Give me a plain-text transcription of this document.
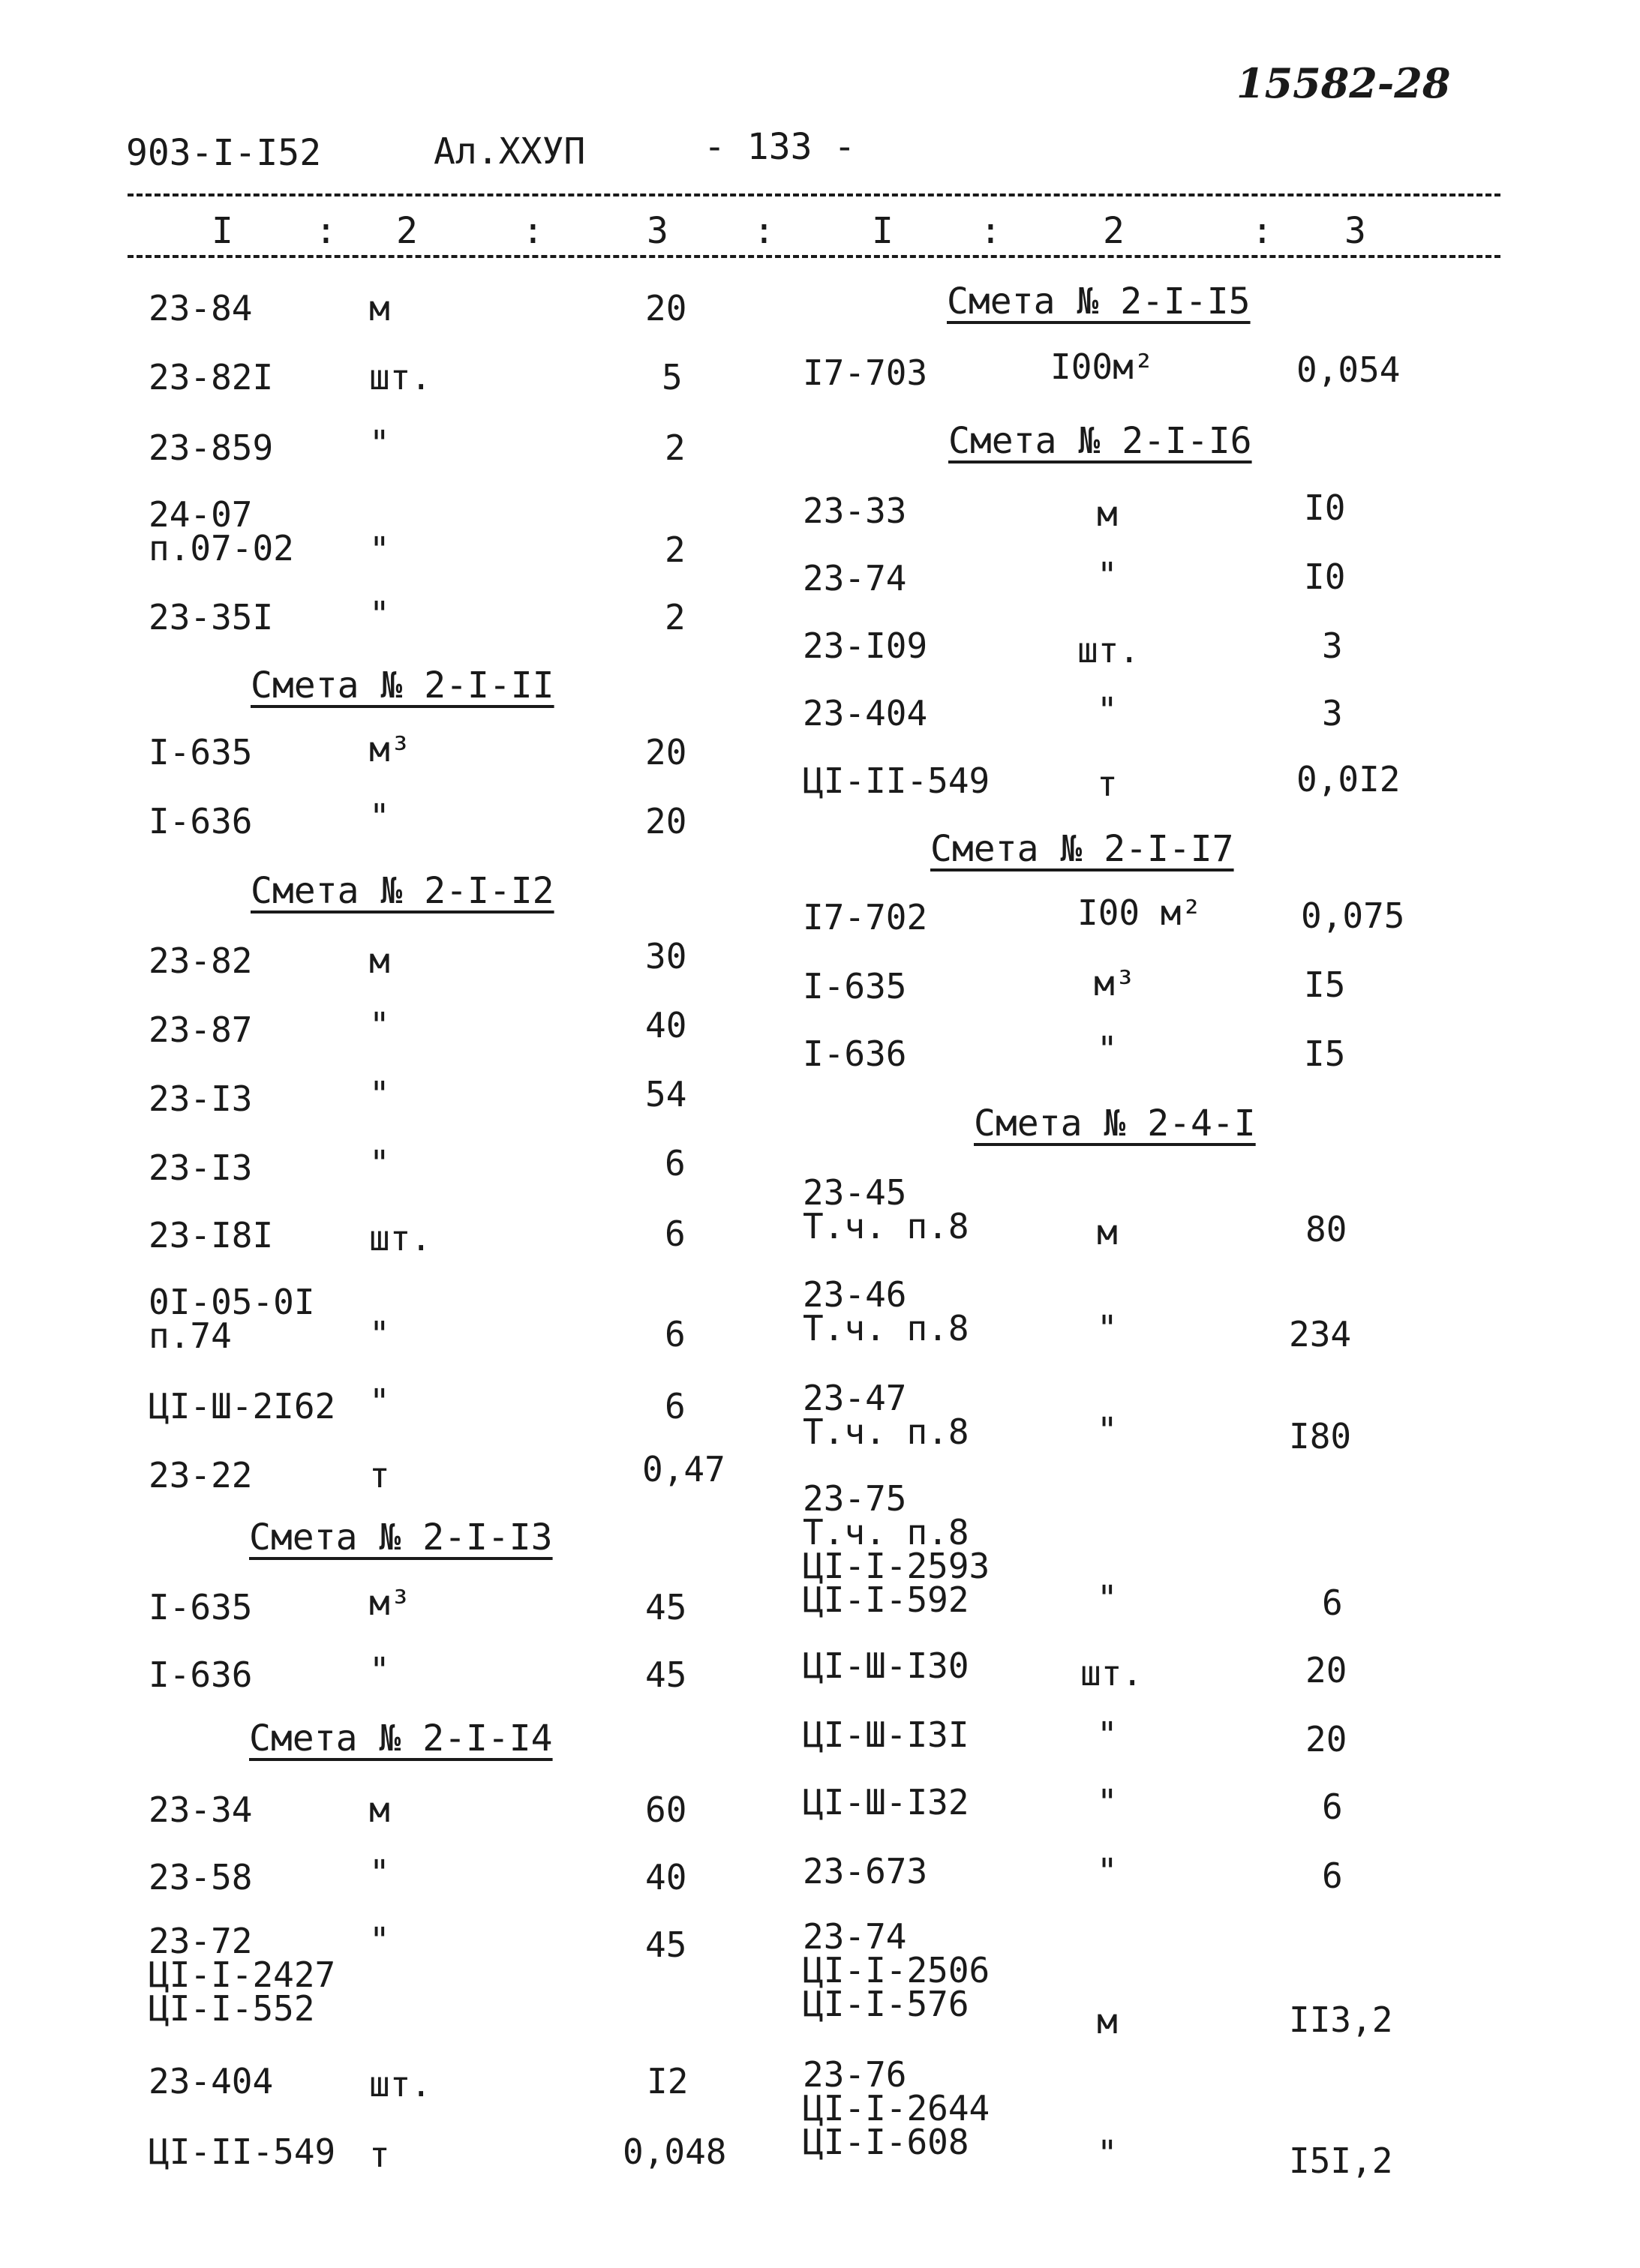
15582-28
903-I-I52	Ал.ХХУП	- 133 -
I : 2	:	3 :	I :	2	: 3
23-84	м	20
23-82I	шт.	5
23-859	"	2
24-07
п.07-02 "	2
23-35I	"	2
Смета № 2-I-II
I-635	м³	20
I-636	"	20
Смета № 2-I-I2
23-82	м	30
23-87	"	40
23-I3	"	54
23-I3	"	6
23-I8I	шт.	6
0I-05-0I
п.74	"	6
ЦI-Ш-2I62 "	6
23-22	т	0,47
Смета № 2-I-I3
I-635	м³	45
I-636	"	45
Смета № 2-I-I4
23-34	м	60
23-58	"	40
23-72
ЦI-I-2427
ЦI-I-552
"	45
23-404	шт.	I2
ЦI-II-549 т	0,048
Смета № 2-I-I5
I7-703	I00м²	0,054
Смета № 2-I-I6
23-33	м	I0
23-74	"	I0
23-I09	шт.	3
23-404	"	3
ЦI-II-549	т	0,0I2
Смета № 2-I-I7
I7-702	I00 м²	0,075
I-635	м³	I5
I-636	"	I5
Смета № 2-4-I
23-45
Т.ч. п.8	м	80
23-46
Т.ч. п.8	"	234
23-47
Т.ч. п.8	"	I80
23-75
Т.ч. п.8
ЦI-I-2593
ЦI-I-592	"	6
ЦI-Ш-I30	шт.	20
ЦI-Ш-I3I	"	20
ЦI-Ш-I32	"	6
23-673	"	6
23-74
ЦI-I-2506
ЦI-I-576	м	II3,2
23-76
ЦI-I-2644
ЦI-I-608	"	I5I,2
